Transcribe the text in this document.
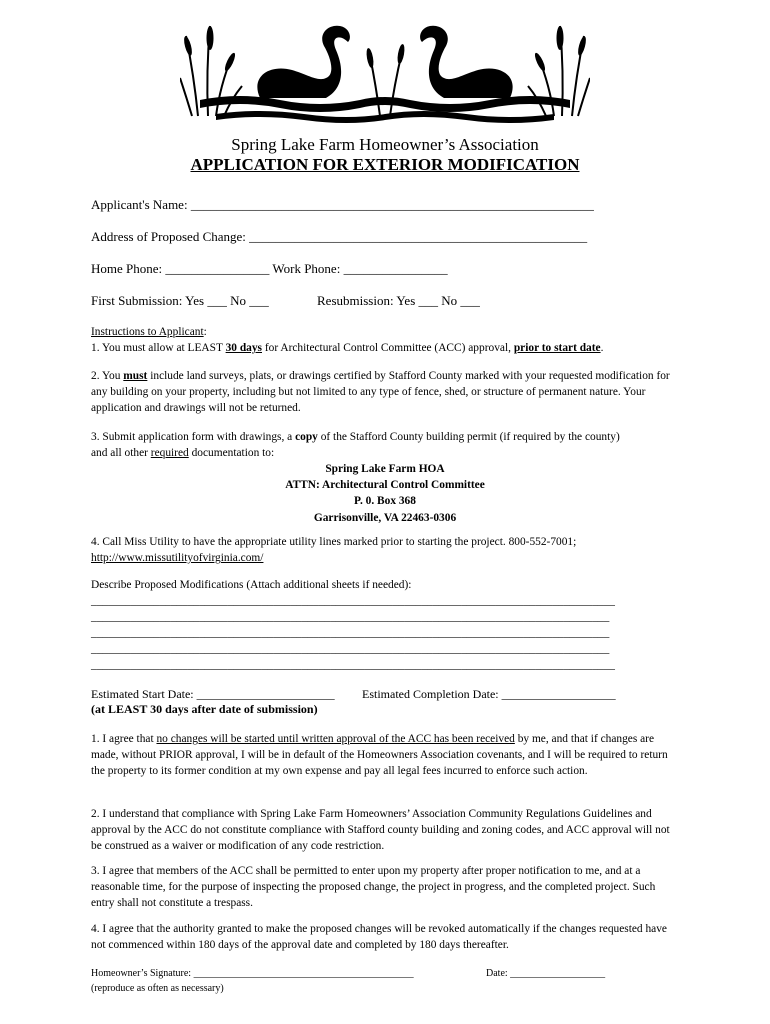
Spring Lake Farm Homeowner’s Association
APPLICATION FOR EXTERIOR MODIFICATION
Applicant's Name: ______________________________________________________________
Address of Proposed Change: ____________________________________________________
Home Phone: ________________ Work Phone: ________________
First Submission: Yes ___ No ___	Resubmission: Yes ___ No ___

Instructions to Applicant:

1. You must allow at LEAST 30 days for Architectural Control Committee (ACC) approval, prior to start date.

2. You must include land surveys, plats, or drawings certified by Stafford County marked with your requested modification for any building on your property, including but not limited to any type of fence, shed, or structure of permanent nature. Your application and drawings will not be returned.

3. Submit application form with drawings, a copy of the Stafford County building permit (if required by the county) and all other required documentation to:

Spring Lake Farm HOA

ATTN: Architectural Control Committee

P. 0. Box 368

Garrisonville, VA 22463-0306

4. Call Miss Utility to have the appropriate utility lines marked prior to starting the project. 800-552-7001;

http://www.missutilityofvirginia.com/

Describe Proposed Modifications (Attach additional sheets if needed):
____________________________________________________________________________________________
___________________________________________________________________________________________
___________________________________________________________________________________________
___________________________________________________________________________________________
____________________________________________________________________________________________
Estimated Start Date: _______________________ Estimated Completion Date: ___________________
(at LEAST 30 days after date of submission)

1. I agree that no changes will be started until written approval of the ACC has been received by me, and that if changes are made, without PRIOR approval, I will be in default of the Homeowners Association covenants, and I will be required to return the property to its former condition at my own expense and pay all legal fees incurred to enforce such action.

2. I understand that compliance with Spring Lake Farm Homeowners’ Association Community Regulations Guidelines and approval by the ACC do not constitute compliance with Stafford county building and zoning codes, and ACC approval will not be construed as a waiver or modification of any code restriction.
3. I agree that members of the ACC shall be permitted to enter upon my property after proper notification to me, and at a reasonable time, for the purpose of inspecting the proposed change, the project in progress, and the completed project. Such entry shall not constitute a trespass.
4. I agree that the authority granted to make the proposed changes will be revoked automatically if the changes requested have not commenced within 180 days of the approval date and completed by 180 days thereafter.
Homeowner’s Signature: ____________________________________________	Date: ___________________
(reproduce as often as necessary)
